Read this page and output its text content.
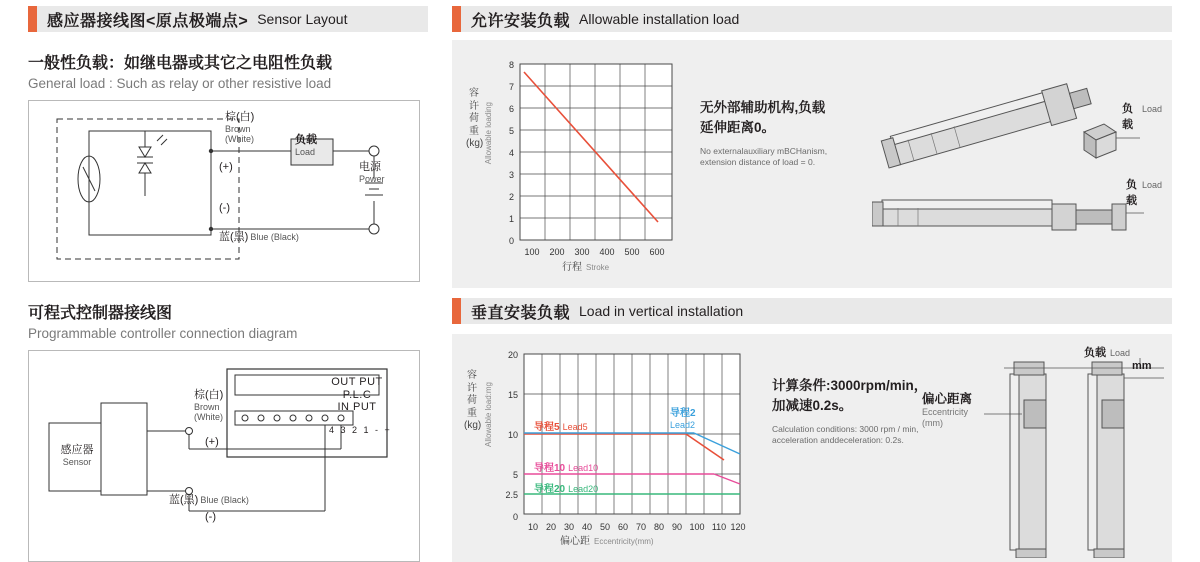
感应器接线图<原点极端点> Sensor Layout
一般性负载：如继电器或其它之电阻性负载
General load : Such as relay or other resistive load
棕(白)
Brown
(White)
(+)
(-)
负载
Load
电源
Power
蓝(黑) Blue (Black)
可程式控制器接线图
Programmable controller connection diagram
OUT PUT
P.L.C
IN PUT
4 3 2 1 - +
感应器
Sensor
棕(白)
Brown
(White)
(+)
蓝(黑) Blue (Black)
(-)
允许安装负载 Allowable installation load
8
7
6
5
4
3
2
1
0
100 200 300 400 500 600
容
许
荷
重
(kg) Allowable loading
行程 Stroke
无外部辅助机构,负载
延伸距离0。
No externalauxiliary mBCHanism,
extension distance of load = 0.
负载
Load
负载
Load
垂直安装负载 Load in vertical installation
20
15
10
5
2.5
0
10 20 30 40 50 60 70 80 90 100 110 120
容
许
荷
重
(kg) Allowable load:mg
偏心距 Eccentricity(mm)
导程5 Lead5
导程2
Lead2
导程10 Lead10
导程20 Lead20
计算条件:3000rpm/min，
加减速0.2s。
Calculation conditions: 3000 rpm / min,
acceleration anddeceleration: 0.2s.
负载 Load
mm
偏心距离
Eccentricity
(mm)
